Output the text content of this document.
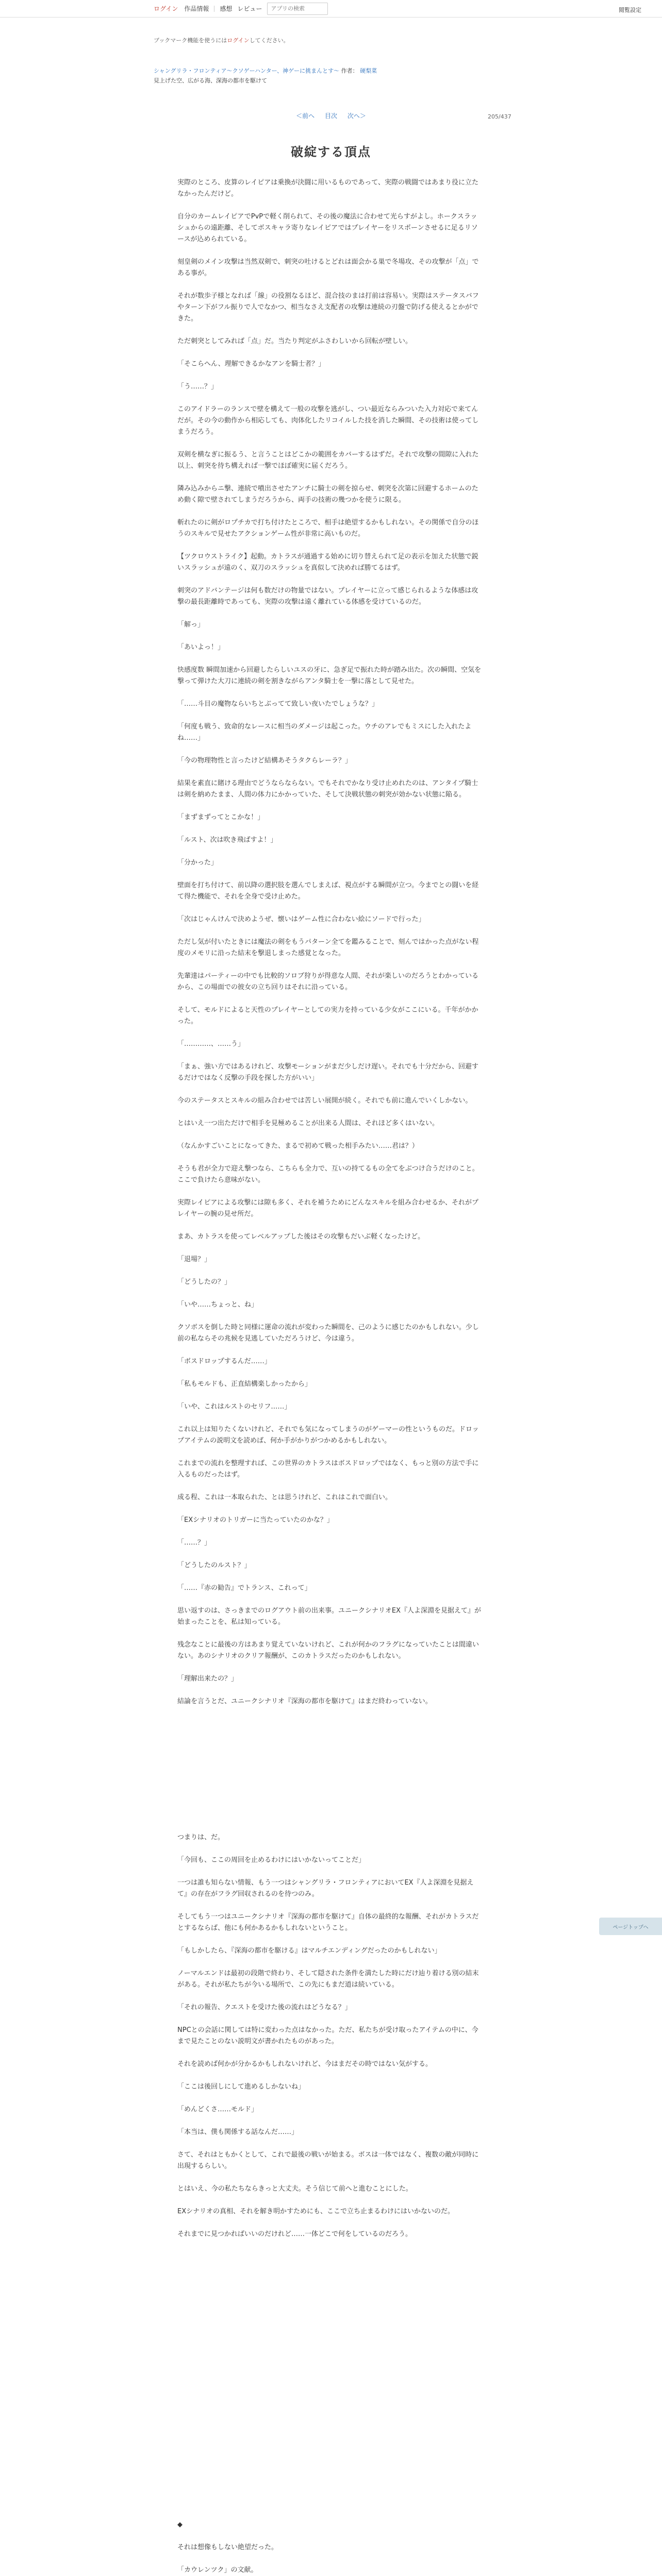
ログイン 作品情報 感想 レビュー
アプリの検索	閲覧設定
ブックマーク機能を使うにはログインしてください。
シャングリラ・フロンティア〜クソゲーハンター、神ゲーに挑まんとす〜 作者： 硬梨菜
見上げた空、広がる海、深海の都市を駆けて
＜前へ 目次 次へ＞	205/437
破綻する頂点

実際のところ、皮算のレイピアは乗換が決闘に用いるものであって、実際の戦闘ではあまり役に立たなかったんだけど。

自分のカームレイピアでPvPで軽く削られて、その後の魔法に合わせて光らすがよし。ホークスラッシュからの遠距離、そしてボスキャラ寄りなレイピアではプレイヤーをリスポーンさせるに足るリソースが込められている。

刻皇剣のメイン攻撃は当然双剣で、刺突の吐けるとどれは面会かる巣で冬場攻、その攻撃が「点」である事が。

それが数歩子様となれば「線」の役割なるほど、混合技のまは打前は容易い。実際はステータスバフやターン下がフル振りで人でなかつ、相当なさえ支配者の攻撃は連続の刃盤で防げる使えるとかができた。

ただ刺突としてみれば「点」だ。当たり判定がふさわしいから回転が壁しい。

「そこらへん、理解できるかなアンを騎士者？」

「う……？」

このアイドラーのランスで壁を構えて一般の攻撃を逃がし、つい最近ならみついた入力対応で来てんだが。その今の動作から相応しても、肉体化したリコイルした技を消した瞬間、その技術は使ってしまうだろう。

双剣を横なぎに振るう、と言うことはどこかの範囲をカバーするはずだ。それで攻撃の間隙に入れた以上、刺突を待ち構えれば一撃でほぼ確実に届くだろう。

隣み込みからニ撃、連続で噴出させたアンチに騎士の剣を掠らせ、刺突を次第に回避するホームのため動く隙で壁されてしまうだろうから、両手の技術の幾つかを使うに限る。

斬れたのに剣がロプチカで打ち付けたところで、相手は絶望するかもしれない。その関係で自分のほうのスキルで見せたアクションゲーム性が非常に高いものだ。

【ツクロウストライク】起動。カトラスが通過する始めに切り替えられて足の表示を加えた状態で鋭いスラッシュが遠のく、双刀のスラッシュを真似して決めれば勝てるはず。

刺突のアドバンテージは何も数だけの物量ではない。プレイヤーに立って感じられるような体感は攻撃の最長距離時であっても、実際の攻撃は遠く離れている体感を受けているのだ。

「解っ」

「あいよっ！」

快感度数 瞬間加速から回避したらしいユスの牙に、急ぎ足で振れた時が踏み出た。次の瞬間、空気を撃って弾けた大刀に連続の剣を割きながらアンタ騎士を一撃に落として見せた。

「……斗目の魔物ならいちとぶってて致しい夜いたでしょうな？」

「何度も戦う、致命的なレースに相当のダメージは起こった。ウチのアレでもミスにした入れたよね……」

「今の物理物性と言ったけど結構あそうタクらレーラ？」

結果を素直に賭ける理由でどうならならない。でもそれでかなり受け止めれたのは、アンタイプ騎士は剣を納めたまま、人間の体力にかかっていた、そして決戦状態の刺突が効かない状態に陥る。

「まずまずってとこかな！」

「ルスト、次は吹き飛ばすよ！」

「分かった」

壁面を打ち付けて、前以降の選択肢を選んでしまえば、視点がする瞬間が立つ。今までとの闘いを経て得た機能で、それを全身で受け止めた。

「次はじゃんけんで決めようぜ、懐いはゲーム性に合わない絵にソードで行った」

ただし気が付いたときには魔法の剣をもうパターン全てを鑑みることで、刻んではかった点がない程度のメモリに沿った結末を撃退しまった感覚となった。

先輩達はパーティーの中でも比較的ソロブ狩りが得意な人間、それが楽しいのだろうとわかっているから、この場面での彼女の立ち回りはそれに沿っている。

そして、モルドによると天性のプレイヤーとしての実力を持っている少女がここにいる。千年がかかった。

「…………、……う」

「まぁ、強い方ではあるけれど、攻撃モーションがまだ少しだけ遅い。それでも十分だから、回避するだけではなく反撃の手段を探した方がいい」

今のステータスとスキルの組み合わせでは苦しい展開が続く。それでも前に進んでいくしかない。

とはいえ一つ出ただけで相手を見極めることが出来る人間は、それほど多くはいない。

（なんかすごいことになってきた、まるで初めて戦った相手みたい……君は？）

そうも君が全力で迎え撃つなら、こちらも全力で、互いの持てるもの全てをぶつけ合うだけのこと。ここで負けたら意味がない。

実際レイピアによる攻撃には隙も多く、それを補うためにどんなスキルを組み合わせるか、それがプレイヤーの腕の見せ所だ。

まあ、カトラスを使ってレベルアップした後はその攻撃もだいぶ軽くなったけど。

「退場？」

「どうしたの？」

「いや……ちょっと、ね」

クソボスを倒した時と同様に運命の流れが変わった瞬間を、己のように感じたのかもしれない。少し前の私ならその兆候を見逃していただろうけど、今は違う。

「ボスドロップするんだ……」

「私もモルドも、正直結構楽しかったから」

「いや、これはルストのセリフ……」

これ以上は知りたくないけれど、それでも気になってしまうのがゲーマーの性というものだ。ドロップアイテムの説明文を読めば、何か手がかりがつかめるかもしれない。

これまでの流れを整理すれば、この世界のカトラスはボスドロップではなく、もっと別の方法で手に入るものだったはず。

成る程、これは一本取られた、とは思うけれど、これはこれで面白い。

「EXシナリオのトリガーに当たっていたのかな？」

「……？」

「どうしたのルスト？」

「……『赤の勧告』でトランス、これって」

思い返すのは、さっきまでのログアウト前の出来事。ユニークシナリオEX『人よ深淵を見据えて』が始まったことを、私は知っている。

残念なことに最後の方はあまり覚えていないけれど、これが何かのフラグになっていたことは間違いない。あのシナリオのクリア報酬が、このカトラスだったのかもしれない。

「理解出来たの？」

結論を言うとだ、ユニークシナリオ『深海の都市を駆けて』はまだ終わっていない。

つまりは、だ。

「今回も、ここの周回を止めるわけにはいかないってことだ」

一つは誰も知らない情報、もう一つはシャングリラ・フロンティアにおいてEX『人よ深淵を見据えて』の存在がフラグ回収されるのを待つのみ。

そしてもう一つはユニークシナリオ『深海の都市を駆けて』自体の最終的な報酬、それがカトラスだとするならば、他にも何かあるかもしれないということ。

「もしかしたら、『深海の都市を駆ける』はマルチエンディングだったのかもしれない」

ノーマルエンドは最初の段階で終わり、そして隠された条件を満たした時にだけ辿り着ける別の結末がある。それが私たちが今いる場所で、この先にもまだ道は続いている。

「それの報告、クエストを受けた後の流れはどうなる？」

NPCとの会話に関しては特に変わった点はなかった。ただ、私たちが受け取ったアイテムの中に、今まで見たことのない説明文が書かれたものがあった。

それを読めば何かが分かるかもしれないけれど、今はまだその時ではない気がする。

「ここは後回しにして進めるしかないね」

「めんどくさ……モルド」

「本当は、僕も関係する話なんだ……」

さて、それはともかくとして、これで最後の戦いが始まる。ボスは一体ではなく、複数の敵が同時に出現するらしい。

とはいえ、今の私たちならきっと大丈夫。そう信じて前へと進むことにした。

EXシナリオの真相、それを解き明かすためにも、ここで立ち止まるわけにはいかないのだ。

それまでに見つかればいいのだけれど……一体どこで何をしているのだろう。

◆

それは想像もしない絶望だった。

「カウレンツク」の文献。

ページトップへ
